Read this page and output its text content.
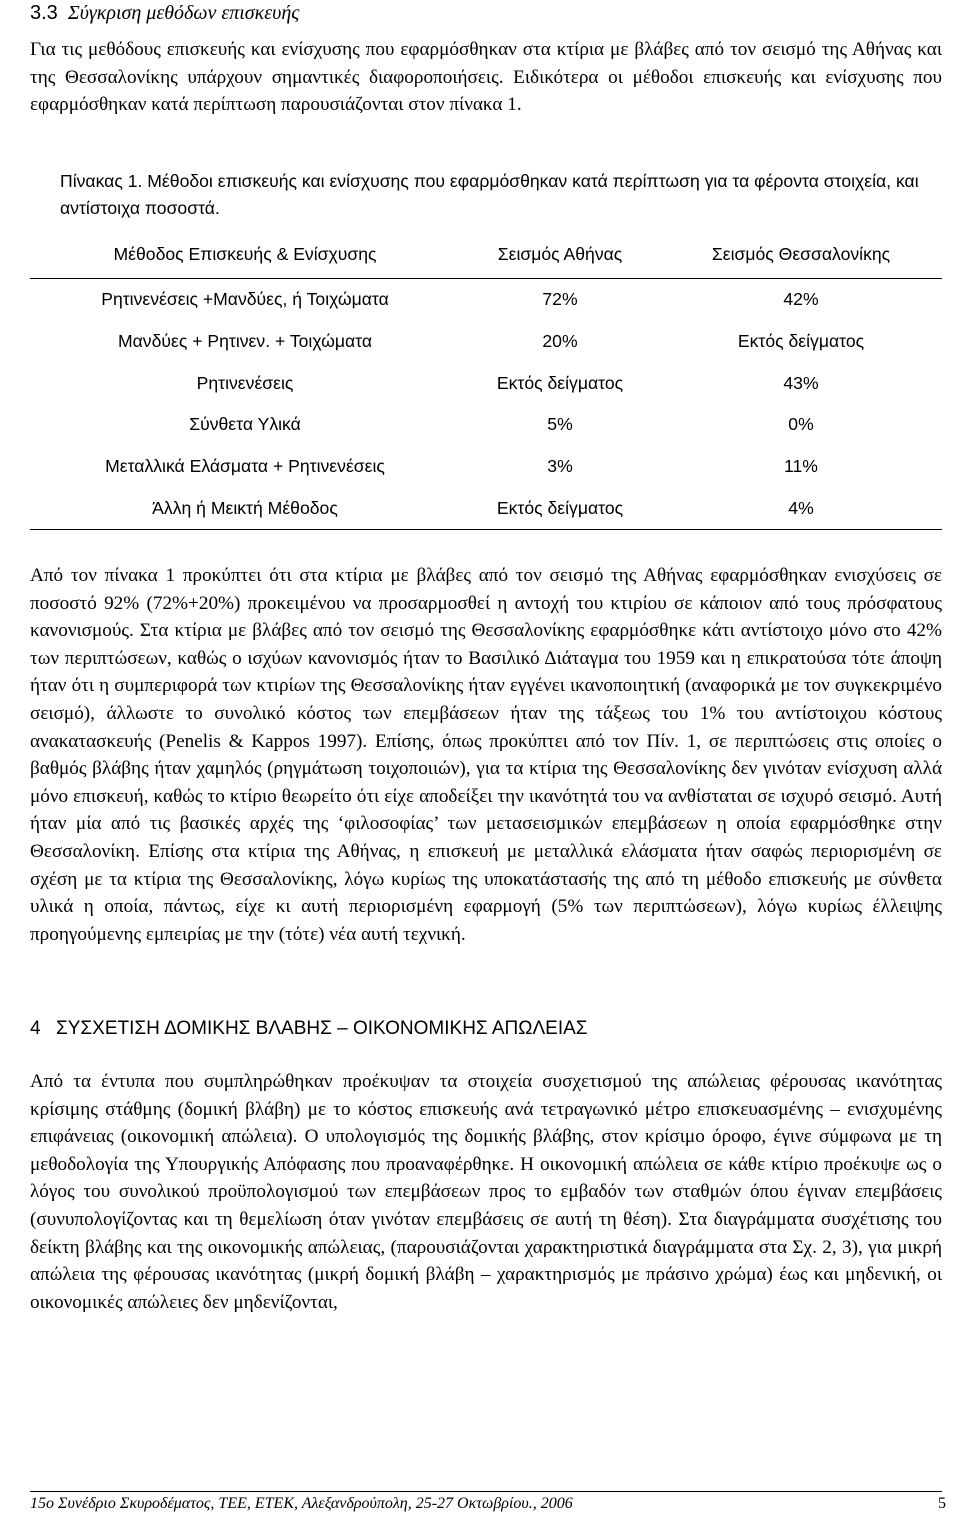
3.3 Σύγκριση μεθόδων επισκευής

Για τις μεθόδους επισκευής και ενίσχυσης που εφαρμόσθηκαν στα κτίρια με βλάβες από τον σεισμό της Αθήνας και της Θεσσαλονίκης υπάρχουν σημαντικές διαφοροποιήσεις. Ειδικότερα οι μέθοδοι επισκευής και ενίσχυσης που εφαρμόσθηκαν κατά περίπτωση παρουσιάζονται στον πίνακα 1.

Πίνακας 1. Μέθοδοι επισκευής και ενίσχυσης που εφαρμόσθηκαν κατά περίπτωση για τα φέροντα στοιχεία, και αντίστοιχα ποσοστά.
Μέθοδος Επισκευής & Ενίσχυσης	Σεισμός Αθήνας	Σεισμός Θεσσαλονίκης
Ρητινενέσεις +Μανδύες, ή Τοιχώματα	72%	42%
Μανδύες + Ρητινεν. + Τοιχώματα	20%	Εκτός δείγματος
Ρητινενέσεις	Εκτός δείγματος	43%
Σύνθετα Υλικά	5%	0%
Μεταλλικά Ελάσματα + Ρητινενέσεις	3%	11%
Άλλη ή Μεικτή Μέθοδος	Εκτός δείγματος	4%

Από τον πίνακα 1 προκύπτει ότι στα κτίρια με βλάβες από τον σεισμό της Αθήνας εφαρμόσθηκαν ενισχύσεις σε ποσοστό 92% (72%+20%) προκειμένου να προσαρμοσθεί η αντοχή του κτιρίου σε κάποιον από τους πρόσφατους κανονισμούς. Στα κτίρια με βλάβες από τον σεισμό της Θεσσαλονίκης εφαρμόσθηκε κάτι αντίστοιχο μόνο στο 42% των περιπτώσεων, καθώς ο ισχύων κανονισμός ήταν το Βασιλικό Διάταγμα του 1959 και η επικρατούσα τότε άποψη ήταν ότι η συμπεριφορά των κτιρίων της Θεσσαλονίκης ήταν εγγένει ικανοποιητική (αναφορικά με τον συγκεκριμένο σεισμό), άλλωστε το συνολικό κόστος των επεμβάσεων ήταν της τάξεως του 1% του αντίστοιχου κόστους ανακατασκευής (Penelis & Kappos 1997). Επίσης, όπως προκύπτει από τον Πίν. 1, σε περιπτώσεις στις οποίες ο βαθμός βλάβης ήταν χαμηλός (ρηγμάτωση τοιχοποιιών), για τα κτίρια της Θεσσαλονίκης δεν γινόταν ενίσχυση αλλά μόνο επισκευή, καθώς το κτίριο θεωρείτο ότι είχε αποδείξει την ικανότητά του να ανθίσταται σε ισχυρό σεισμό. Αυτή ήταν μία από τις βασικές αρχές της ‘φιλοσοφίας’ των μετασεισμικών επεμβάσεων η οποία εφαρμόσθηκε στην Θεσσαλονίκη. Επίσης στα κτίρια της Αθήνας, η επισκευή με μεταλλικά ελάσματα ήταν σαφώς περιορισμένη σε σχέση με τα κτίρια της Θεσσαλονίκης, λόγω κυρίως της υποκατάστασής της από τη μέθοδο επισκευής με σύνθετα υλικά η οποία, πάντως, είχε κι αυτή περιορισμένη εφαρμογή (5% των περιπτώσεων), λόγω κυρίως έλλειψης προηγούμενης εμπειρίας με την (τότε) νέα αυτή τεχνική.

4 ΣΥΣΧΕΤΙΣΗ ΔΟΜΙΚΗΣ ΒΛΑΒΗΣ – ΟΙΚΟΝΟΜΙΚΗΣ ΑΠΩΛΕΙΑΣ

Από τα έντυπα που συμπληρώθηκαν προέκυψαν τα στοιχεία συσχετισμού της απώλειας φέρουσας ικανότητας κρίσιμης στάθμης (δομική βλάβη) με το κόστος επισκευής ανά τετραγωνικό μέτρο επισκευασμένης – ενισχυμένης επιφάνειας (οικονομική απώλεια). Ο υπολογισμός της δομικής βλάβης, στον κρίσιμο όροφο, έγινε σύμφωνα με τη μεθοδολογία της Υπουργικής Απόφασης που προαναφέρθηκε. Η οικονομική απώλεια σε κάθε κτίριο προέκυψε ως ο λόγος του συνολικού προϋπολογισμού των επεμβάσεων προς το εμβαδόν των σταθμών όπου έγιναν επεμβάσεις (συνυπολογίζοντας και τη θεμελίωση όταν γινόταν επεμβάσεις σε αυτή τη θέση). Στα διαγράμματα συσχέτισης του δείκτη βλάβης και της οικονομικής απώλειας, (παρουσιάζονται χαρακτηριστικά διαγράμματα στα Σχ. 2, 3), για μικρή απώλεια της φέρουσας ικανότητας (μικρή δομική βλάβη – χαρακτηρισμός με πράσινο χρώμα) έως και μηδενική, οι οικονομικές απώλειες δεν μηδενίζονται,

15ο Συνέδριο Σκυροδέματος, ΤΕΕ, ΕΤΕΚ, Αλεξανδρούπολη, 25-27 Οκτωβρίου., 2006	5
